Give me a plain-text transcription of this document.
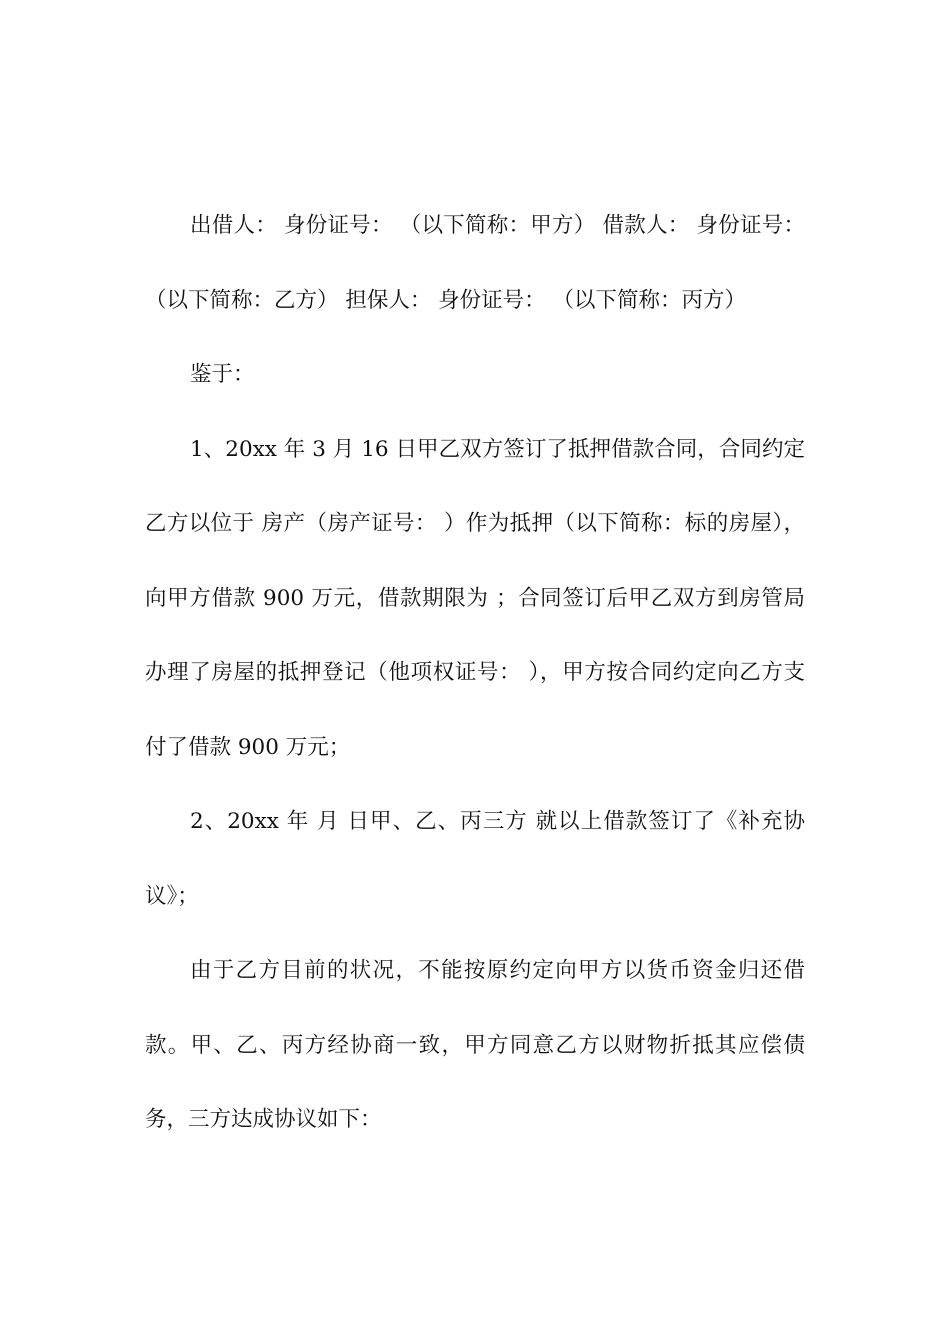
出借人： 身份证号： （以下简称：甲方） 借款人： 身份证号： （以下简称：乙方） 担保人： 身份证号： （以下简称：丙方）

鉴于：

1、20xx 年 3 月 16 日甲乙双方签订了抵押借款合同，合同约定乙方以位于 房产（房产证号： ）作为抵押（以下简称：标的房屋），向甲方借款 900 万元，借款期限为 ；合同签订后甲乙双方到房管局办理了房屋的抵押登记（他项权证号： ），甲方按合同约定向乙方支付了借款 900 万元；

2、20xx 年 月 日甲、乙、丙三方 就以上借款签订了《补充协议》；

由于乙方目前的状况，不能按原约定向甲方以货币资金归还借款。甲、乙、丙方经协商一致，甲方同意乙方以财物折抵其应偿债务，三方达成协议如下：
